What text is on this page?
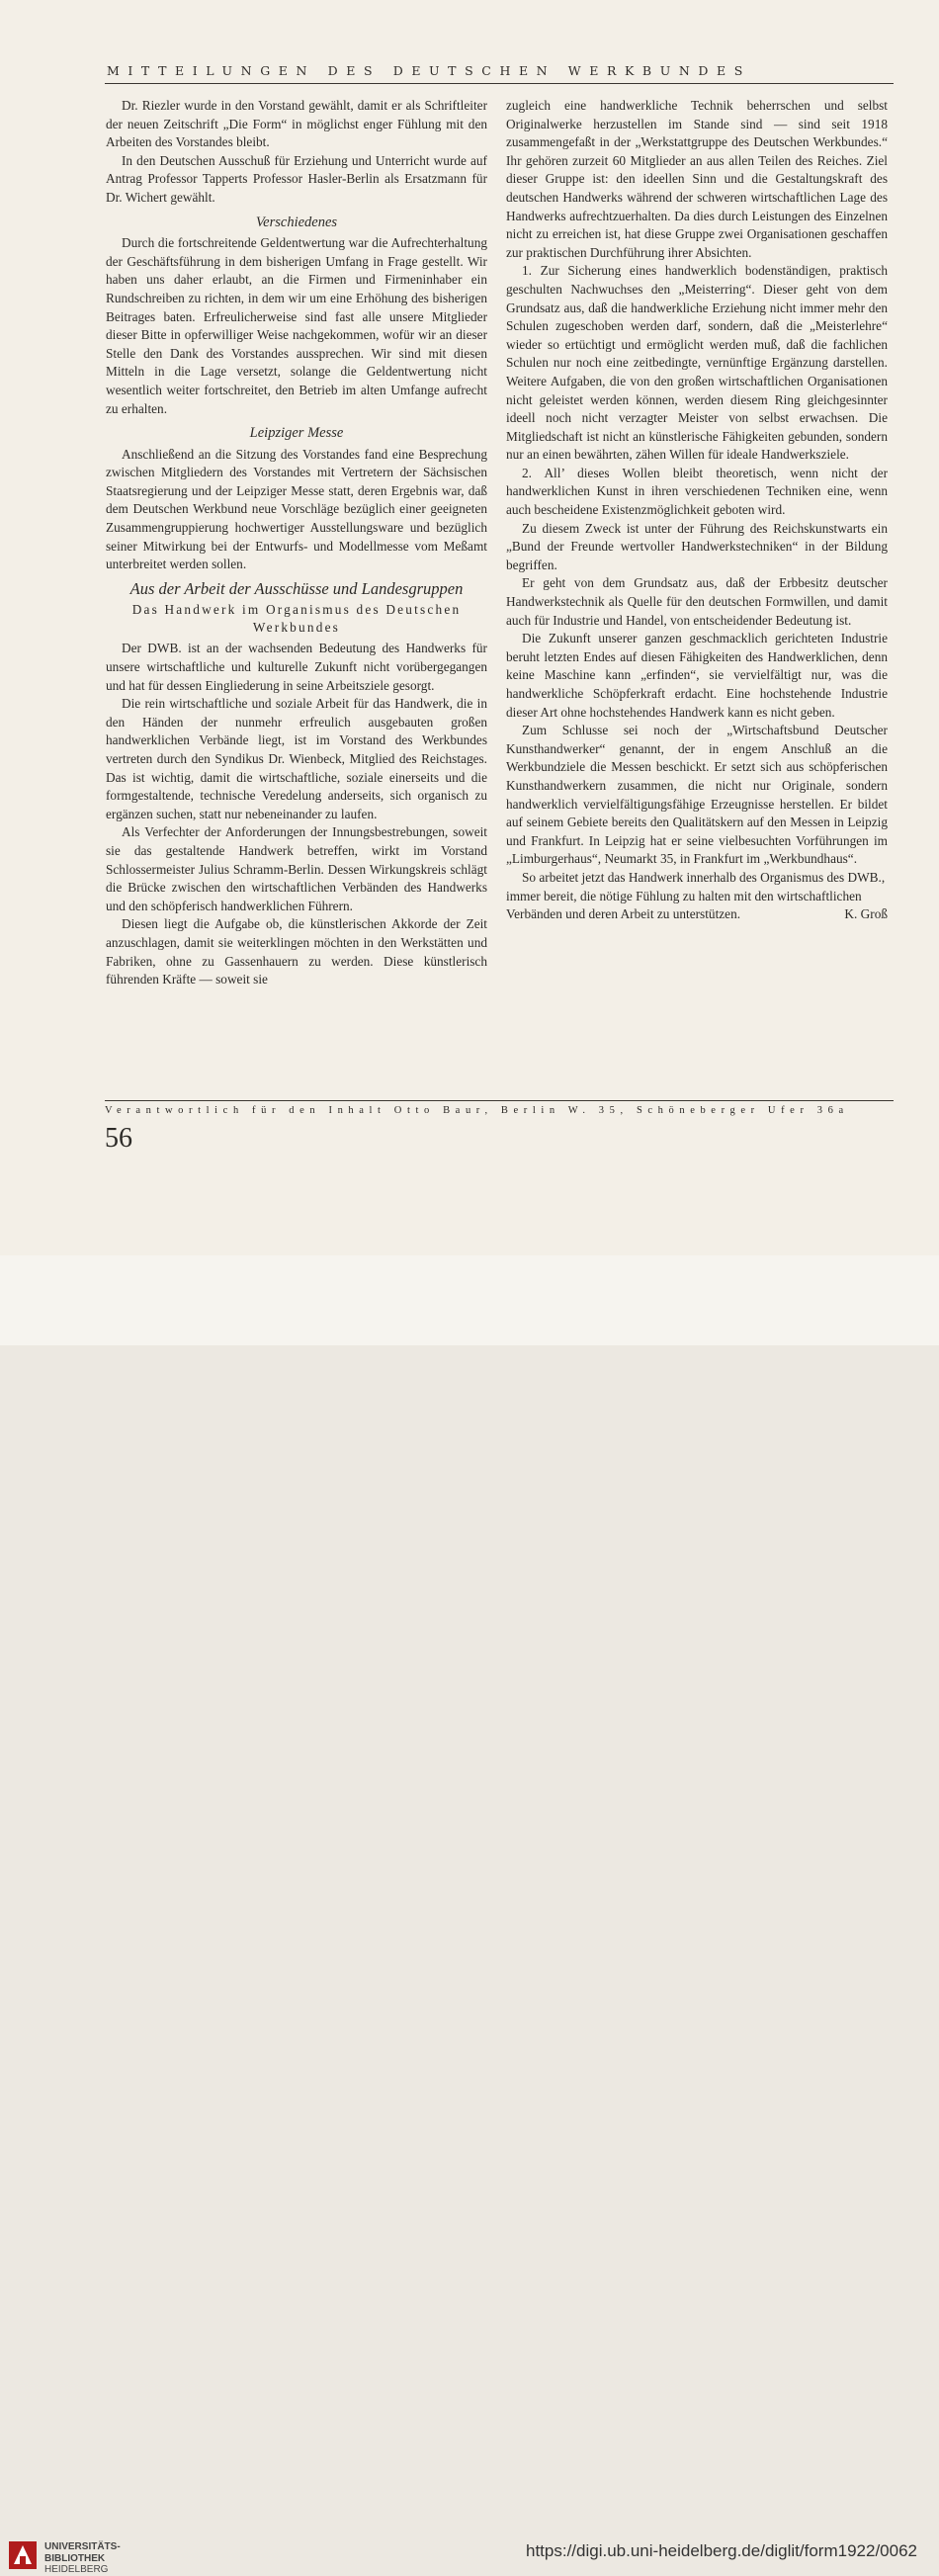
MITTEILUNGEN DES DEUTSCHEN WERKBUNDES

Dr. Riezler wurde in den Vorstand gewählt, damit er als Schriftleiter der neuen Zeitschrift „Die Form“ in möglichst enger Fühlung mit den Arbeiten des Vorstandes bleibt.

In den Deutschen Ausschuß für Erziehung und Unterricht wurde auf Antrag Professor Tapperts Professor Hasler-Berlin als Ersatzmann für Dr. Wichert gewählt.

Verschiedenes

Durch die fortschreitende Geldentwertung war die Aufrechterhaltung der Geschäftsführung in dem bisherigen Umfang in Frage gestellt. Wir haben uns daher erlaubt, an die Firmen und Firmeninhaber ein Rundschreiben zu richten, in dem wir um eine Erhöhung des bisherigen Beitrages baten. Erfreulicherweise sind fast alle unsere Mitglieder dieser Bitte in opferwilliger Weise nachgekommen, wofür wir an dieser Stelle den Dank des Vorstandes aussprechen. Wir sind mit diesen Mitteln in die Lage versetzt, solange die Geldentwertung nicht wesentlich weiter fortschreitet, den Betrieb im alten Umfange aufrecht zu erhalten.

Leipziger Messe

Anschließend an die Sitzung des Vorstandes fand eine Besprechung zwischen Mitgliedern des Vorstandes mit Vertretern der Sächsischen Staatsregierung und der Leipziger Messe statt, deren Ergebnis war, daß dem Deutschen Werkbund neue Vorschläge bezüglich einer geeigneten Zusammengruppierung hochwertiger Ausstellungsware und bezüglich seiner Mitwirkung bei der Entwurfs- und Modellmesse vom Meßamt unterbreitet werden sollen.

Aus der Arbeit der Ausschüsse und Landesgruppen
Das Handwerk im Organismus des Deutschen Werkbundes

Der DWB. ist an der wachsenden Bedeutung des Handwerks für unsere wirtschaftliche und kulturelle Zukunft nicht vorübergegangen und hat für dessen Eingliederung in seine Arbeitsziele gesorgt.

Die rein wirtschaftliche und soziale Arbeit für das Handwerk, die in den Händen der nunmehr erfreulich ausgebauten großen handwerklichen Verbände liegt, ist im Vorstand des Werkbundes vertreten durch den Syndikus Dr. Wienbeck, Mitglied des Reichstages. Das ist wichtig, damit die wirtschaftliche, soziale einerseits und die formgestaltende, technische Veredelung anderseits, sich organisch zu ergänzen suchen, statt nur nebeneinander zu laufen.

Als Verfechter der Anforderungen der Innungsbestrebungen, soweit sie das gestaltende Handwerk betreffen, wirkt im Vorstand Schlossermeister Julius Schramm-Berlin. Dessen Wirkungskreis schlägt die Brücke zwischen den wirtschaftlichen Verbänden des Handwerks und den schöpferisch handwerklichen Führern.

Diesen liegt die Aufgabe ob, die künstlerischen Akkorde der Zeit anzuschlagen, damit sie weiterklingen möchten in den Werkstätten und Fabriken, ohne zu Gassenhauern zu werden. Diese künstlerisch führenden Kräfte — soweit sie

zugleich eine handwerkliche Technik beherrschen und selbst Originalwerke herzustellen im Stande sind — sind seit 1918 zusammengefaßt in der „Werkstattgruppe des Deutschen Werkbundes.“ Ihr gehören zurzeit 60 Mitglieder an aus allen Teilen des Reiches. Ziel dieser Gruppe ist: den ideellen Sinn und die Gestaltungskraft des deutschen Handwerks während der schweren wirtschaftlichen Lage des Handwerks aufrechtzuerhalten. Da dies durch Leistungen des Einzelnen nicht zu erreichen ist, hat diese Gruppe zwei Organisationen geschaffen zur praktischen Durchführung ihrer Absichten.

1. Zur Sicherung eines handwerklich bodenständigen, praktisch geschulten Nachwuchses den „Meisterring“. Dieser geht von dem Grundsatz aus, daß die handwerkliche Erziehung nicht immer mehr den Schulen zugeschoben werden darf, sondern, daß die „Meisterlehre“ wieder so ertüchtigt und ermöglicht werden muß, daß die fachlichen Schulen nur noch eine zeitbedingte, vernünftige Ergänzung darstellen. Weitere Aufgaben, die von den großen wirtschaftlichen Organisationen nicht geleistet werden können, werden diesem Ring gleichgesinnter ideell noch nicht verzagter Meister von selbst erwachsen. Die Mitgliedschaft ist nicht an künstlerische Fähigkeiten gebunden, sondern nur an einen bewährten, zähen Willen für ideale Handwerksziele.

2. All’ dieses Wollen bleibt theoretisch, wenn nicht der handwerklichen Kunst in ihren verschiedenen Techniken eine, wenn auch bescheidene Existenzmöglichkeit geboten wird.

Zu diesem Zweck ist unter der Führung des Reichskunstwarts ein „Bund der Freunde wertvoller Handwerkstechniken“ in der Bildung begriffen.

Er geht von dem Grundsatz aus, daß der Erbbesitz deutscher Handwerkstechnik als Quelle für den deutschen Formwillen, und damit auch für Industrie und Handel, von entscheidender Bedeutung ist.

Die Zukunft unserer ganzen geschmacklich gerichteten Industrie beruht letzten Endes auf diesen Fähigkeiten des Handwerklichen, denn keine Maschine kann „erfinden“, sie vervielfältigt nur, was die handwerkliche Schöpferkraft erdacht. Eine hochstehende Industrie dieser Art ohne hochstehendes Handwerk kann es nicht geben.

Zum Schlusse sei noch der „Wirtschaftsbund Deutscher Kunsthandwerker“ genannt, der in engem Anschluß an die Werkbundziele die Messen beschickt. Er setzt sich aus schöpferischen Kunsthandwerkern zusammen, die nicht nur Originale, sondern handwerklich vervielfältigungsfähige Erzeugnisse herstellen. Er bildet auf seinem Gebiete bereits den Qualitätskern auf den Messen in Leipzig und Frankfurt. In Leipzig hat er seine vielbesuchten Vorführungen im „Limburgerhaus“, Neumarkt 35, in Frankfurt im „Werkbundhaus“.

So arbeitet jetzt das Handwerk innerhalb des Organismus des DWB., immer bereit, die nötige Fühlung zu halten mit den wirtschaftlichen Verbänden und deren Arbeit zu unterstützen.	K. Groß

Verantwortlich für den Inhalt Otto Baur, Berlin W. 35, Schöneberger Ufer 36a
56
UNIVERSITÄTS-
BIBLIOTHEK
HEIDELBERG
https://digi.ub.uni-heidelberg.de/diglit/form1922/0062
